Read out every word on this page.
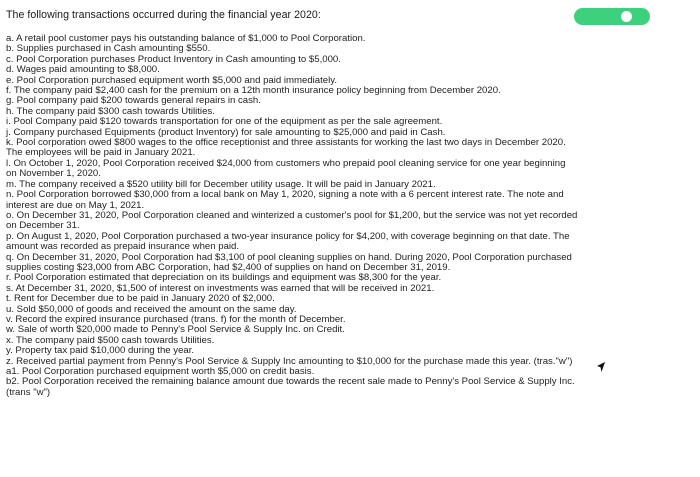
The following transactions occurred during the financial year 2020:
a. A retail pool customer pays his outstanding balance of $1,000 to Pool Corporation.
b. Supplies purchased in Cash amounting $550.
c. Pool Corporation purchases Product Inventory in Cash amounting to $5,000.
d. Wages paid amounting to $8,000.
e. Pool Corporation purchased equipment worth $5,000 and paid immediately.
f. The company paid $2,400 cash for the premium on a 12th month insurance policy beginning from December 2020.
g. Pool company paid $200 towards general repairs in cash.
h. The company paid $300 cash towards Utilities.
i. Pool Company paid $120 towards transportation for one of the equipment as per the sale agreement.
j. Company purchased Equipments (product Inventory) for sale amounting to $25,000 and paid in Cash.
k. Pool corporation owed $800 wages to the office receptionist and three assistants for working the last two days in December 2020.
The employees will be paid in January 2021.
l. On October 1, 2020, Pool Corporation received $24,000 from customers who prepaid pool cleaning service for one year beginning
on November 1, 2020.
m. The company received a $520 utility bill for December utility usage. It will be paid in January 2021.
n. Pool Corporation borrowed $30,000 from a local bank on May 1, 2020, signing a note with a 6 percent interest rate. The note and
interest are due on May 1, 2021.
o. On December 31, 2020, Pool Corporation cleaned and winterized a customer's pool for $1,200, but the service was not yet recorded
on December 31.
p. On August 1, 2020, Pool Corporation purchased a two-year insurance policy for $4,200, with coverage beginning on that date. The
amount was recorded as prepaid insurance when paid.
q. On December 31, 2020, Pool Corporation had $3,100 of pool cleaning supplies on hand. During 2020, Pool Corporation purchased
supplies costing $23,000 from ABC Corporation, had $2,400 of supplies on hand on December 31, 2019.
r. Pool Corporation estimated that depreciation on its buildings and equipment was $8,300 for the year.
s. At December 31, 2020, $1,500 of interest on investments was earned that will be received in 2021.
t. Rent for December due to be paid in January 2020 of $2,000.
u. Sold $50,000 of goods and received the amount on the same day.
v. Record the expired insurance purchased (trans. f) for the month of December.
w. Sale of worth $20,000 made to Penny's Pool Service & Supply Inc. on Credit.
x. The company paid $500 cash towards Utilities.
y. Property tax paid $10,000 during the year.
z. Received partial payment from Penny's Pool Service & Supply Inc amounting to $10,000 for the purchase made this year. (tras."w")
a1. Pool Corporation purchased equipment worth $5,000 on credit basis.
b2. Pool Corporation received the remaining balance amount due towards the recent sale made to Penny's Pool Service & Supply Inc.
(trans "w")
